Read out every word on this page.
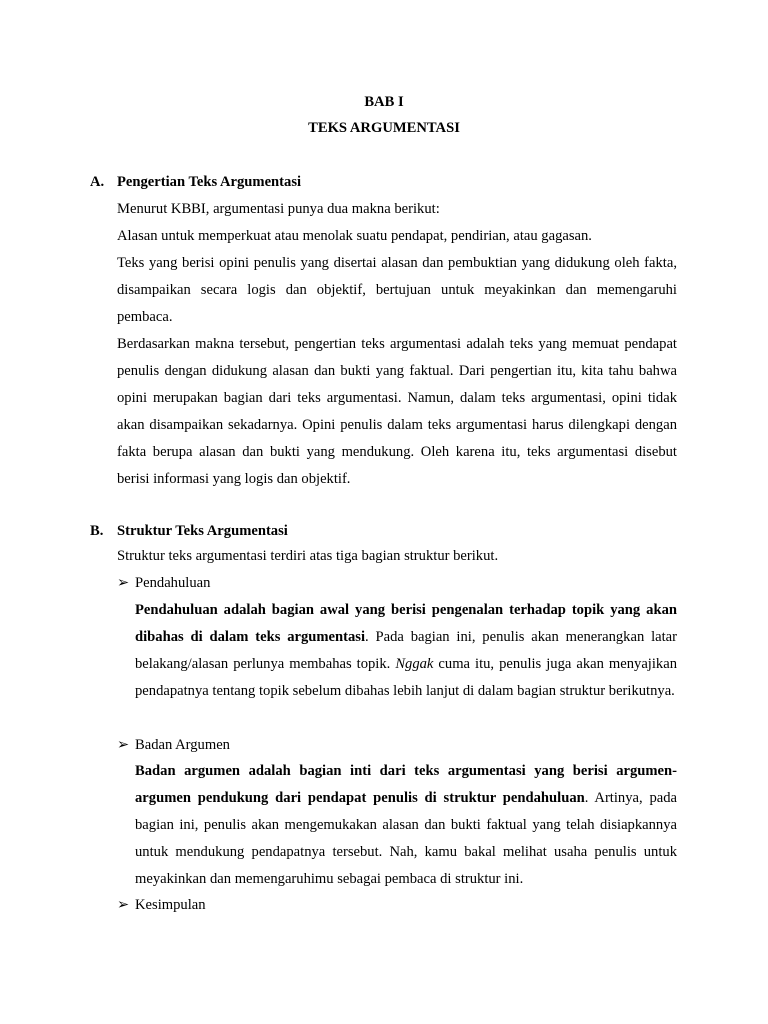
BAB I

TEKS ARGUMENTASI

A. Pengertian Teks Argumentasi

Menurut KBBI, argumentasi punya dua makna berikut:

Alasan untuk memperkuat atau menolak suatu pendapat, pendirian, atau gagasan.

Teks yang berisi opini penulis yang disertai alasan dan pembuktian yang didukung oleh fakta, disampaikan secara logis dan objektif, bertujuan untuk meyakinkan dan memengaruhi pembaca.

Berdasarkan makna tersebut, pengertian teks argumentasi adalah teks yang memuat pendapat penulis dengan didukung alasan dan bukti yang faktual. Dari pengertian itu, kita tahu bahwa opini merupakan bagian dari teks argumentasi. Namun, dalam teks argumentasi, opini tidak akan disampaikan sekadarnya. Opini penulis dalam teks argumentasi harus dilengkapi dengan fakta berupa alasan dan bukti yang mendukung. Oleh karena itu, teks argumentasi disebut berisi informasi yang logis dan objektif.

B. Struktur Teks Argumentasi

Struktur teks argumentasi terdiri atas tiga bagian struktur berikut.

➢ Pendahuluan

Pendahuluan adalah bagian awal yang berisi pengenalan terhadap topik yang akan dibahas di dalam teks argumentasi. Pada bagian ini, penulis akan menerangkan latar belakang/alasan perlunya membahas topik. Nggak cuma itu, penulis juga akan menyajikan pendapatnya tentang topik sebelum dibahas lebih lanjut di dalam bagian struktur berikutnya.

➢ Badan Argumen

Badan argumen adalah bagian inti dari teks argumentasi yang berisi argumen-argumen pendukung dari pendapat penulis di struktur pendahuluan. Artinya, pada bagian ini, penulis akan mengemukakan alasan dan bukti faktual yang telah disiapkannya untuk mendukung pendapatnya tersebut. Nah, kamu bakal melihat usaha penulis untuk meyakinkan dan memengaruhimu sebagai pembaca di struktur ini.

➢ Kesimpulan
